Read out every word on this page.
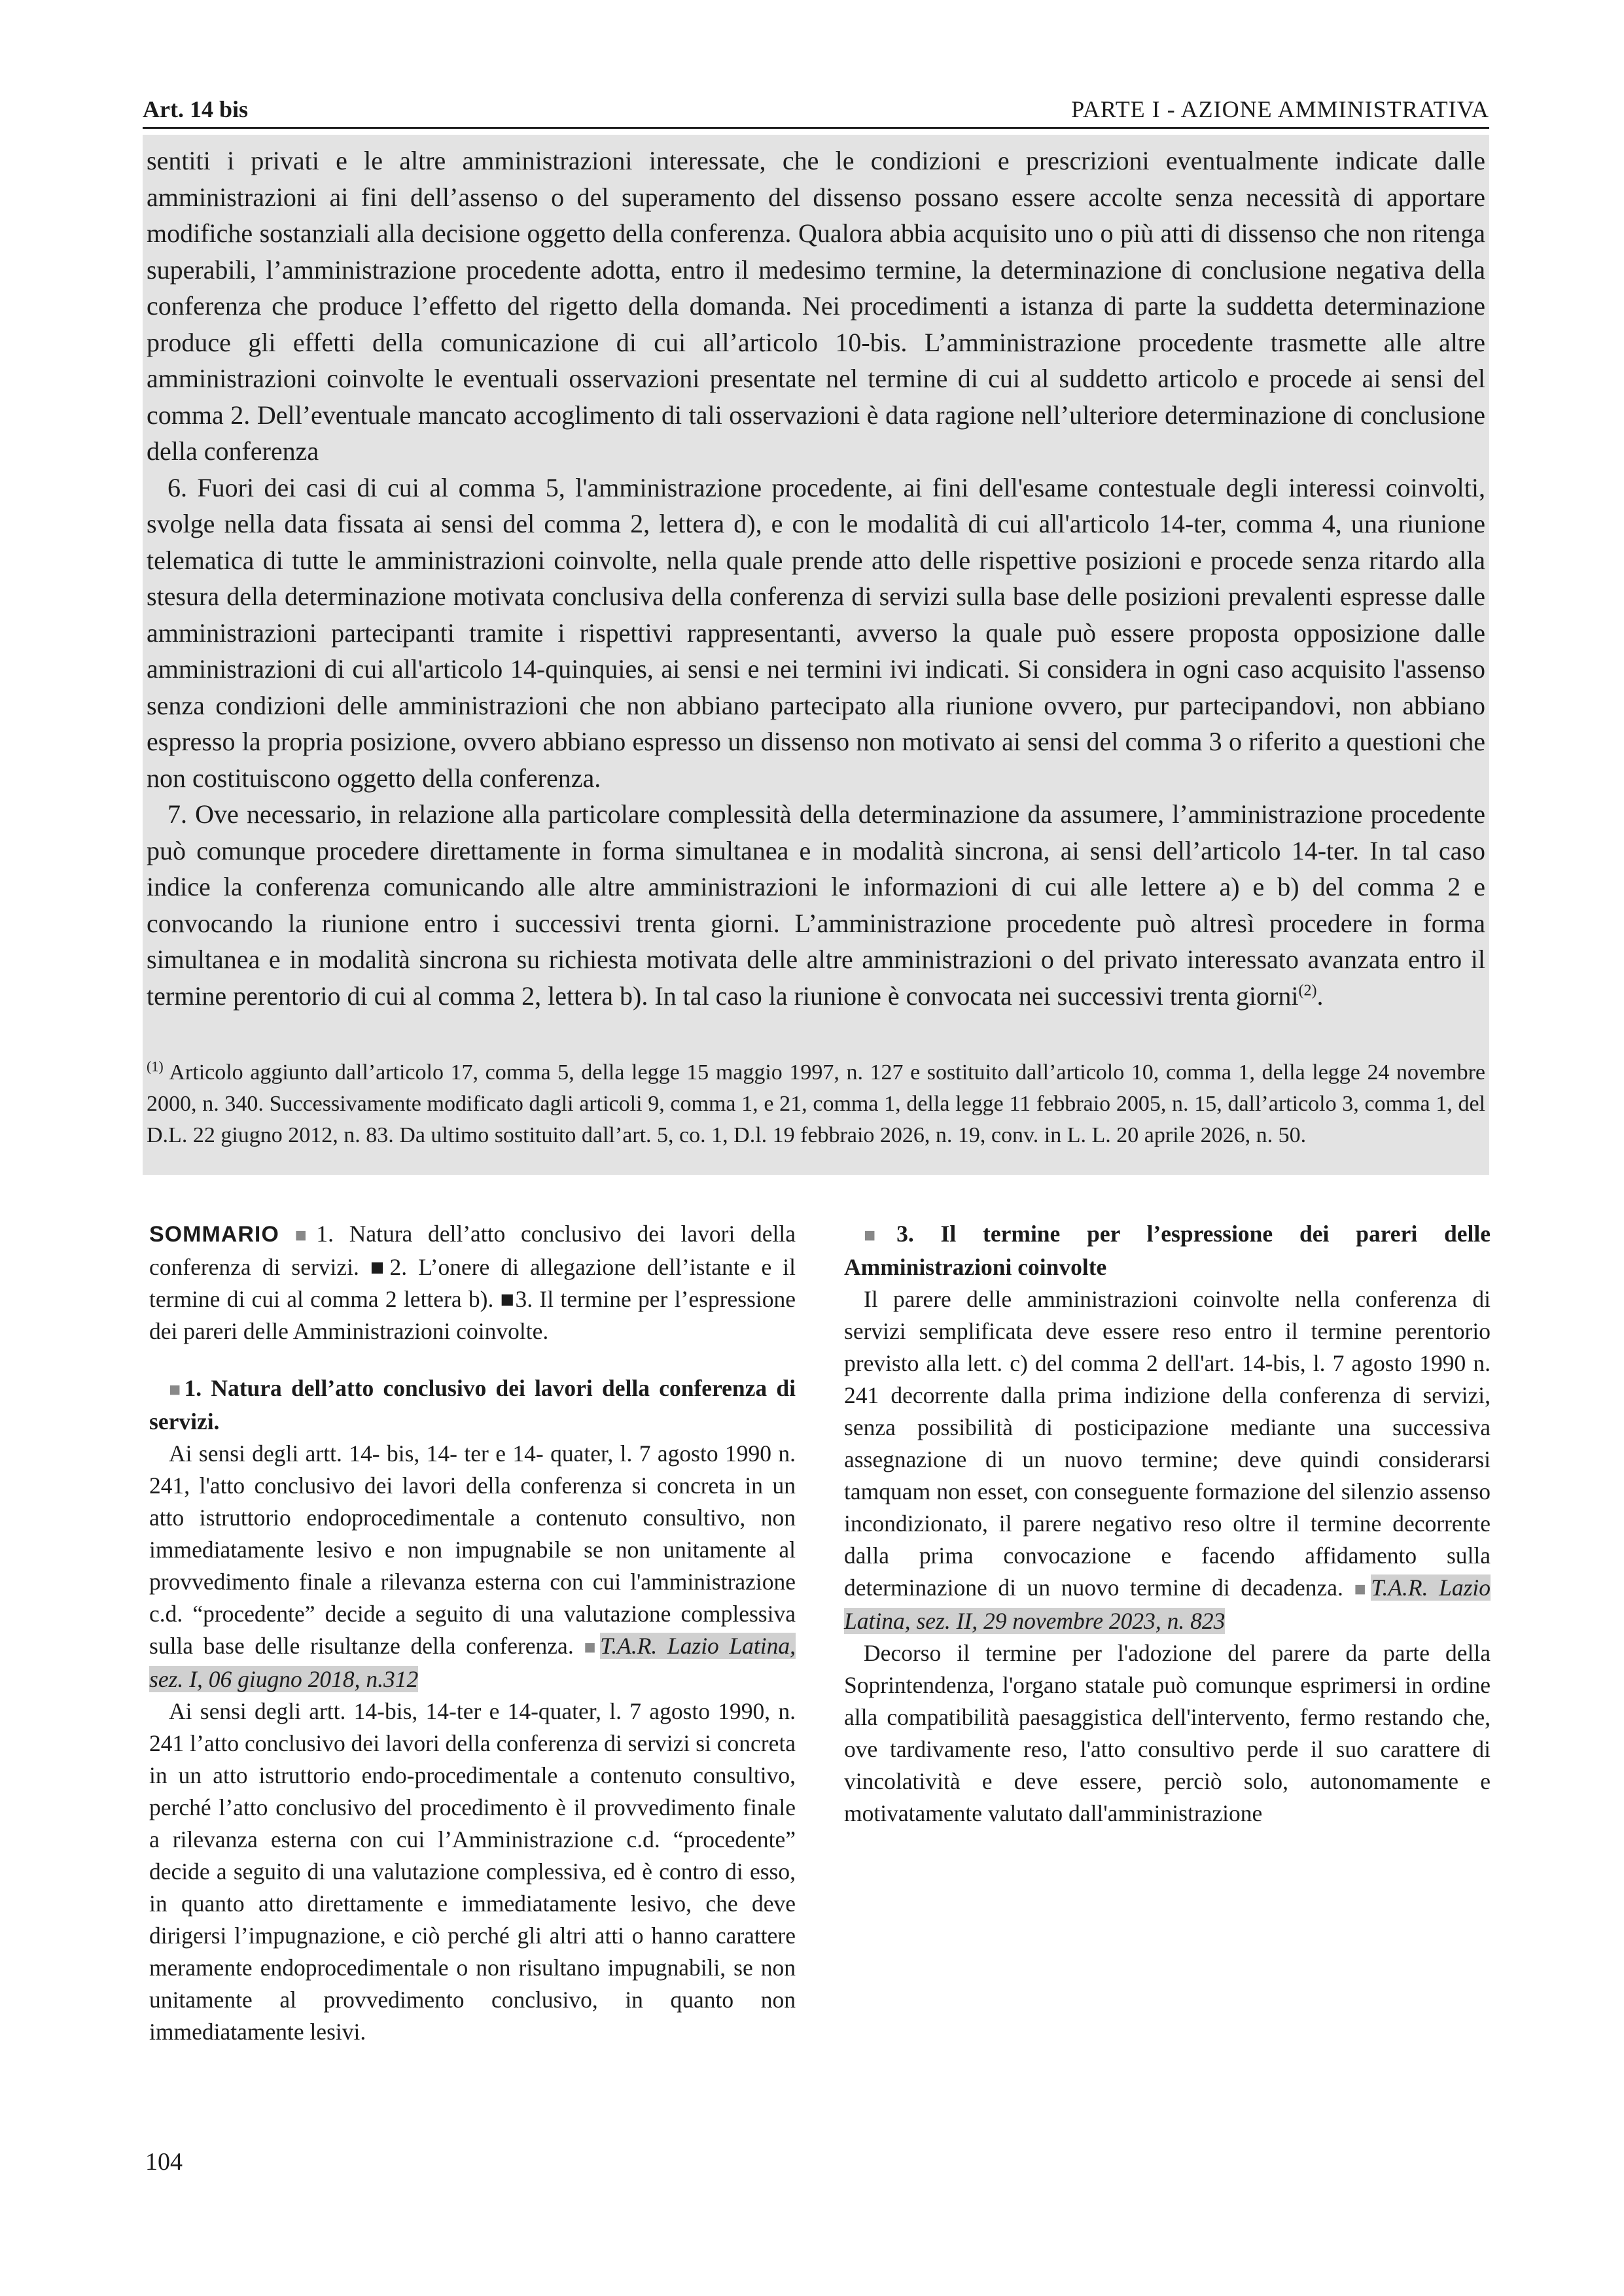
Art. 14 bis	PARTE I - AZIONE AMMINISTRATIVA

sentiti i privati e le altre amministrazioni interessate, che le condizioni e prescrizioni eventualmente indicate dalle amministrazioni ai fini dell’assenso o del superamento del dissenso possano essere accolte senza necessità di apportare modifiche sostanziali alla decisione oggetto della conferenza. Qualora abbia acquisito uno o più atti di dissenso che non ritenga superabili, l’amministrazione procedente adotta, entro il medesimo termine, la determinazione di conclusione negativa della conferenza che produce l’effetto del rigetto della domanda. Nei procedimenti a istanza di parte la suddetta determinazione produce gli effetti della comunicazione di cui all’articolo 10-bis. L’amministrazione procedente trasmette alle altre amministrazioni coinvolte le eventuali osservazioni presentate nel termine di cui al suddetto articolo e procede ai sensi del comma 2. Dell’eventuale mancato accoglimento di tali osservazioni è data ragione nell’ulteriore determinazione di conclusione della conferenza

6. Fuori dei casi di cui al comma 5, l'amministrazione procedente, ai fini dell'esame contestuale degli interessi coinvolti, svolge nella data fissata ai sensi del comma 2, lettera d), e con le modalità di cui all'articolo 14-ter, comma 4, una riunione telematica di tutte le amministrazioni coinvolte, nella quale prende atto delle rispettive posizioni e procede senza ritardo alla stesura della determinazione motivata conclusiva della conferenza di servizi sulla base delle posizioni prevalenti espresse dalle amministrazioni partecipanti tramite i rispettivi rappresentanti, avverso la quale può essere proposta opposizione dalle amministrazioni di cui all'articolo 14-quinquies, ai sensi e nei termini ivi indicati. Si considera in ogni caso acquisito l'assenso senza condizioni delle amministrazioni che non abbiano partecipato alla riunione ovvero, pur partecipandovi, non abbiano espresso la propria posizione, ovvero abbiano espresso un dissenso non motivato ai sensi del comma 3 o riferito a questioni che non costituiscono oggetto della conferenza.

7. Ove necessario, in relazione alla particolare complessità della determinazione da assumere, l’amministrazione procedente può comunque procedere direttamente in forma simultanea e in modalità sincrona, ai sensi dell’articolo 14-ter. In tal caso indice la conferenza comunicando alle altre amministrazioni le informazioni di cui alle lettere a) e b) del comma 2 e convocando la riunione entro i successivi trenta giorni. L’amministrazione procedente può altresì procedere in forma simultanea e in modalità sincrona su richiesta motivata delle altre amministrazioni o del privato interessato avanzata entro il termine perentorio di cui al comma 2, lettera b). In tal caso la riunione è convocata nei successivi trenta giorni$^{(2)}$.

$^{(1)}$ Articolo aggiunto dall’articolo 17, comma 5, della legge 15 maggio 1997, n. 127 e sostituito dall’articolo 10, comma 1, della legge 24 novembre 2000, n. 340. Successivamente modificato dagli articoli 9, comma 1, e 21, comma 1, della legge 11 febbraio 2005, n. 15, dall’articolo 3, comma 1, del D.L. 22 giugno 2012, n. 83. Da ultimo sostituito dall’art. 5, co. 1, D.l. 19 febbraio 2026, n. 19, conv. in L. L. 20 aprile 2026, n. 50.

SOMMARIO ■1. Natura dell’atto conclusivo dei lavori della conferenza di servizi. ■2. L’onere di allegazione dell’istante e il termine di cui al comma 2 lettera b). ■3. Il termine per l’espressione dei pareri delle Amministrazioni coinvolte.

■1. Natura dell’atto conclusivo dei lavori della conferenza di servizi.

Ai sensi degli artt. 14- bis, 14- ter e 14- quater, l. 7 agosto 1990 n. 241, l'atto conclusivo dei lavori della conferenza si concreta in un atto istruttorio endoprocedimentale a contenuto consultivo, non immediatamente lesivo e non impugnabile se non unitamente al provvedimento finale a rilevanza esterna con cui l'amministrazione c.d. “procedente” decide a seguito di una valutazione complessiva sulla base delle risultanze della conferenza. ■T.A.R. Lazio Latina, sez. I, 06 giugno 2018, n.312

Ai sensi degli artt. 14-bis, 14-ter e 14-quater, l. 7 agosto 1990, n. 241 l’atto conclusivo dei lavori della conferenza di servizi si concreta in un atto istruttorio endo-procedimentale a contenuto consultivo, perché l’atto conclusivo del procedimento è il provvedimento finale a rilevanza esterna con cui l’Amministrazione c.d. “procedente” decide a seguito di una valutazione complessiva, ed è contro di esso, in quanto atto direttamente e immediatamente lesivo, che deve dirigersi l’impugnazione, e ciò perché gli altri atti o hanno carattere meramente endoprocedimentale o non risultano impugnabili, se non unitamente al provvedimento conclusivo, in quanto non immediatamente lesivi.

■3. Il termine per l’espressione dei pareri delle Amministrazioni coinvolte

Il parere delle amministrazioni coinvolte nella conferenza di servizi semplificata deve essere reso entro il termine perentorio previsto alla lett. c) del comma 2 dell'art. 14-bis, l. 7 agosto 1990 n. 241 decorrente dalla prima indizione della conferenza di servizi, senza possibilità di posticipazione mediante una successiva assegnazione di un nuovo termine; deve quindi considerarsi tamquam non esset, con conseguente formazione del silenzio assenso incondizionato, il parere negativo reso oltre il termine decorrente dalla prima convocazione e facendo affidamento sulla determinazione di un nuovo termine di decadenza. ■T.A.R. Lazio Latina, sez. II, 29 novembre 2023, n. 823

Decorso il termine per l'adozione del parere da parte della Soprintendenza, l'organo statale può comunque esprimersi in ordine alla compatibilità paesaggistica dell'intervento, fermo restando che, ove tardivamente reso, l'atto consultivo perde il suo carattere di vincolatività e deve essere, perciò solo, autonomamente e motivatamente valutato dall'amministrazione

104
